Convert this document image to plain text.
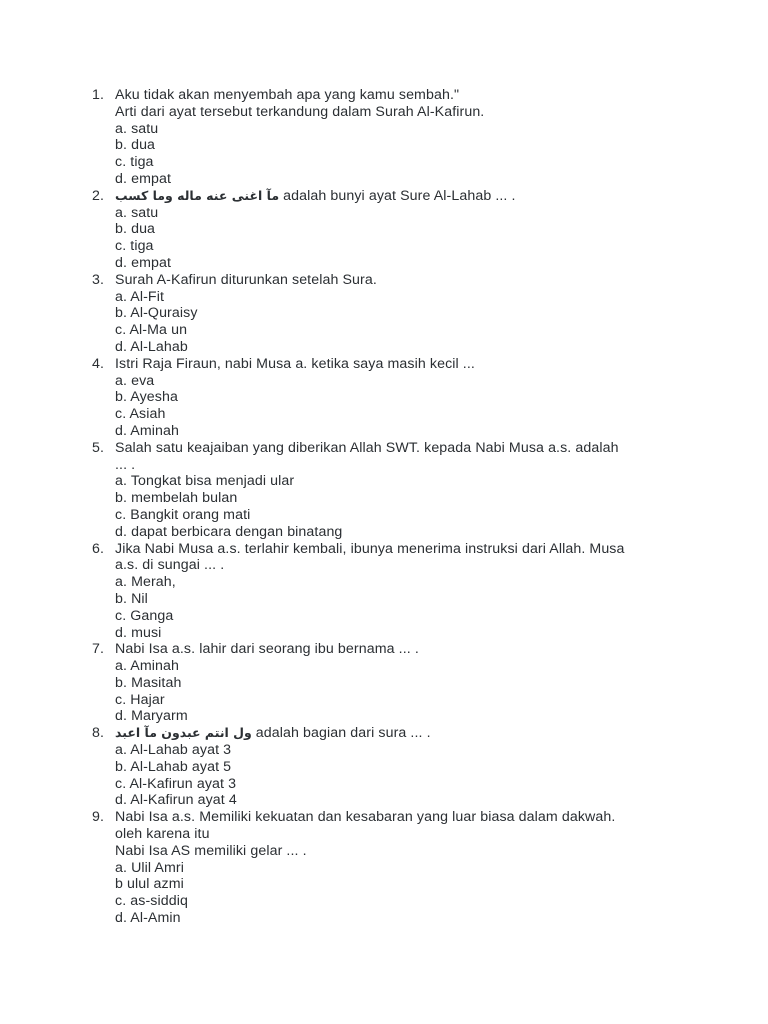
1. Aku tidak akan menyembah apa yang kamu sembah."
Arti dari ayat tersebut terkandung dalam Surah Al-Kafirun.
a. satu
b. dua
c. tiga
d. empat
2. مآ اغنى عنه ماله وما كسب adalah bunyi ayat Sure Al-Lahab ... .
a. satu
b. dua
c. tiga
d. empat
3. Surah A-Kafirun diturunkan setelah Sura.
a. Al-Fit
b. Al-Quraisy
c. Al-Ma un
d. Al-Lahab
4. Istri Raja Firaun, nabi Musa a. ketika saya masih kecil ...
a. eva
b. Ayesha
c. Asiah
d. Aminah
5. Salah satu keajaiban yang diberikan Allah SWT. kepada Nabi Musa a.s. adalah
... .
a. Tongkat bisa menjadi ular
b. membelah bulan
c. Bangkit orang mati
d. dapat berbicara dengan binatang
6. Jika Nabi Musa a.s. terlahir kembali, ibunya menerima instruksi dari Allah. Musa
a.s. di sungai ... .
a. Merah,
b. Nil
c. Ganga
d. musi
7. Nabi Isa a.s. lahir dari seorang ibu bernama ... .
a. Aminah
b. Masitah
c. Hajar
d. Maryarm
8. ول انتم عبدون مآ اعبد adalah bagian dari sura ... .
a. Al-Lahab ayat 3
b. Al-Lahab ayat 5
c. Al-Kafirun ayat 3
d. Al-Kafirun ayat 4
9. Nabi Isa a.s. Memiliki kekuatan dan kesabaran yang luar biasa dalam dakwah.
oleh karena itu
Nabi Isa AS memiliki gelar ... .
a. Ulil Amri
b ulul azmi
c. as-siddiq
d. Al-Amin
